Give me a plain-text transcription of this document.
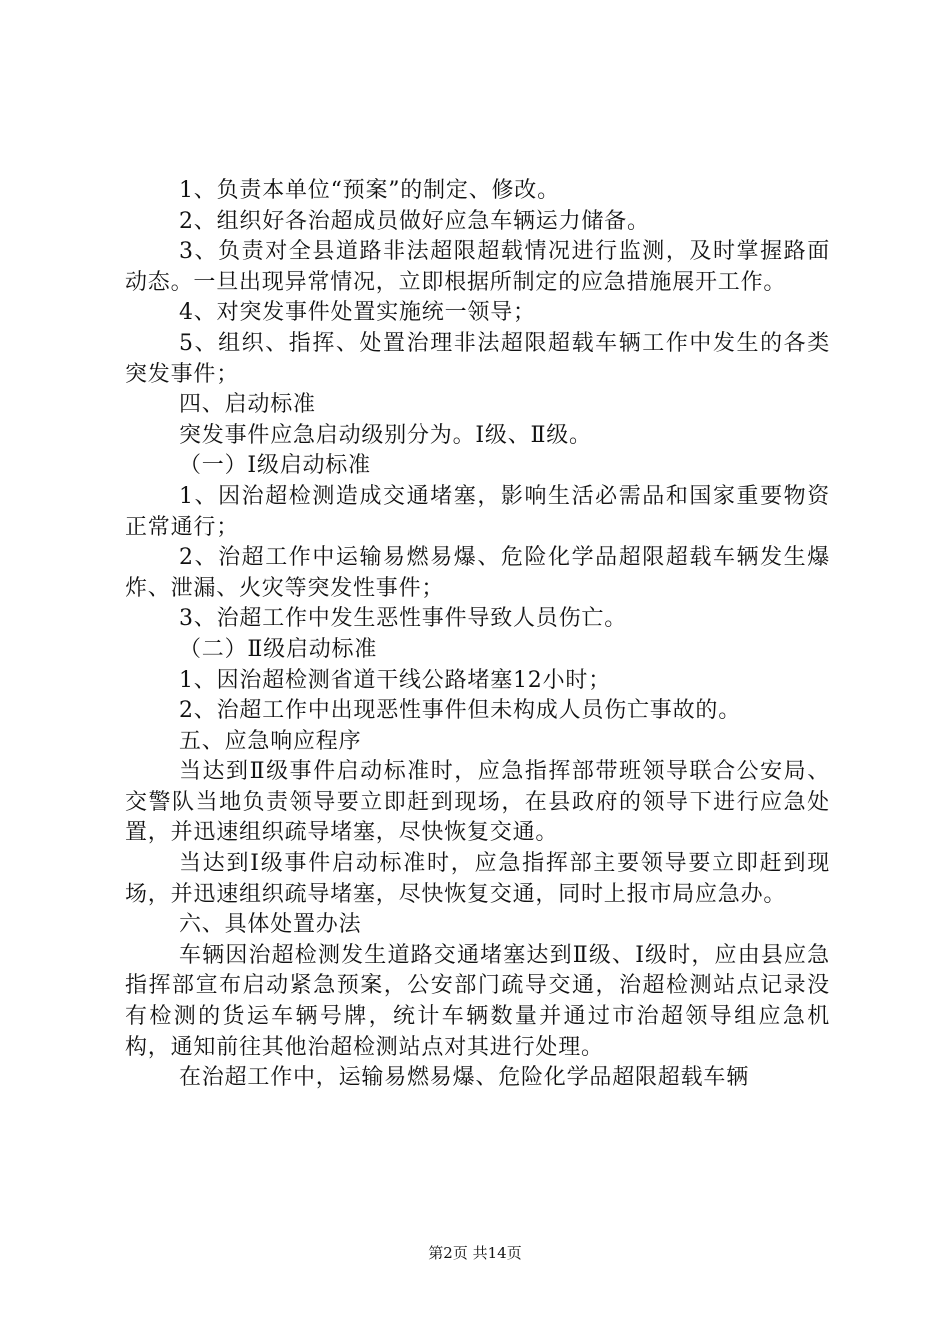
1、负责本单位“预案”的制定、修改。

2、组织好各治超成员做好应急车辆运力储备。

3、负责对全县道路非法超限超载情况进行监测，及时掌握路面动态。一旦出现异常情况，立即根据所制定的应急措施展开工作。

4、对突发事件处置实施统一领导；

5、组织、指挥、处置治理非法超限超载车辆工作中发生的各类突发事件；

四、启动标准

突发事件应急启动级别分为。Ⅰ级、Ⅱ级。

（一）Ⅰ级启动标准

1、因治超检测造成交通堵塞，影响生活必需品和国家重要物资正常通行；

2、治超工作中运输易燃易爆、危险化学品超限超载车辆发生爆炸、泄漏、火灾等突发性事件；

3、治超工作中发生恶性事件导致人员伤亡。

（二）Ⅱ级启动标准

1、因治超检测省道干线公路堵塞12小时；

2、治超工作中出现恶性事件但未构成人员伤亡事故的。

五、应急响应程序

当达到Ⅱ级事件启动标准时，应急指挥部带班领导联合公安局、交警队当地负责领导要立即赶到现场，在县政府的领导下进行应急处置，并迅速组织疏导堵塞，尽快恢复交通。

当达到Ⅰ级事件启动标准时，应急指挥部主要领导要立即赶到现场，并迅速组织疏导堵塞，尽快恢复交通，同时上报市局应急办。

六、具体处置办法

车辆因治超检测发生道路交通堵塞达到Ⅱ级、Ⅰ级时，应由县应急指挥部宣布启动紧急预案，公安部门疏导交通，治超检测站点记录没有检测的货运车辆号牌，统计车辆数量并通过市治超领导组应急机构，通知前往其他治超检测站点对其进行处理。

在治超工作中，运输易燃易爆、危险化学品超限超载车辆

第2页 共14页
